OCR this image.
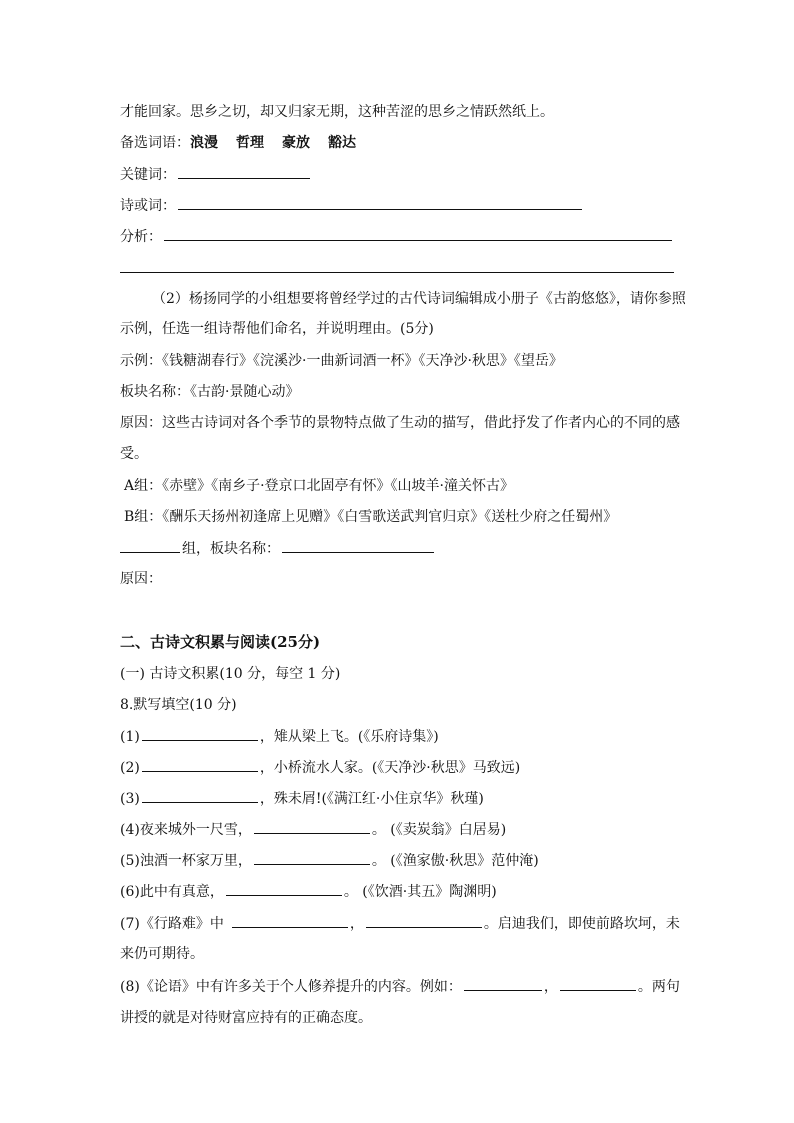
才能回家。思乡之切，却又归家无期，这种苦涩的思乡之情跃然纸上。
备选词语：浪漫 哲理 豪放 豁达
关键词：
诗或词：
分析：
（2）杨扬同学的小组想要将曾经学过的古代诗词编辑成小册子《古韵悠悠》，请你参照
示例，任选一组诗帮他们命名，并说明理由。(5分)
示例：《钱糖湖春行》《浣溪沙·一曲新词酒一杯》《天净沙·秋思》《望岳》
板块名称：《古韵·景随心动》
原因：这些古诗词对各个季节的景物特点做了生动的描写，借此抒发了作者内心的不同的感
受。
A组：《赤壁》《南乡子·登京口北固亭有怀》《山坡羊·潼关怀古》
B组：《酬乐天扬州初逢席上见赠》《白雪歌送武判官归京》《送杜少府之任蜀州》
组，板块名称：
原因：
二、古诗文积累与阅读(25分)
(一) 古诗文积累(10 分，每空 1 分)
8.默写填空(10 分)
(1)	，雉从梁上飞。(《乐府诗集》)
(2)	，小桥流水人家。(《天净沙·秋思》马致远)
(3)	，殊未屑!(《满江红·小住京华》秋瑾)
(4)夜来城外一尺雪，	。 (《卖炭翁》白居易)
(5)浊酒一杯家万里，	。 (《渔家傲·秋思》范仲淹)
(6)此中有真意，	。 (《饮酒·其五》陶渊明)
(7)《行路难》中	，	。启迪我们，即使前路坎坷，未
来仍可期待。
(8)《论语》中有许多关于个人修养提升的内容。例如：	，	。两句
讲授的就是对待财富应持有的正确态度。
